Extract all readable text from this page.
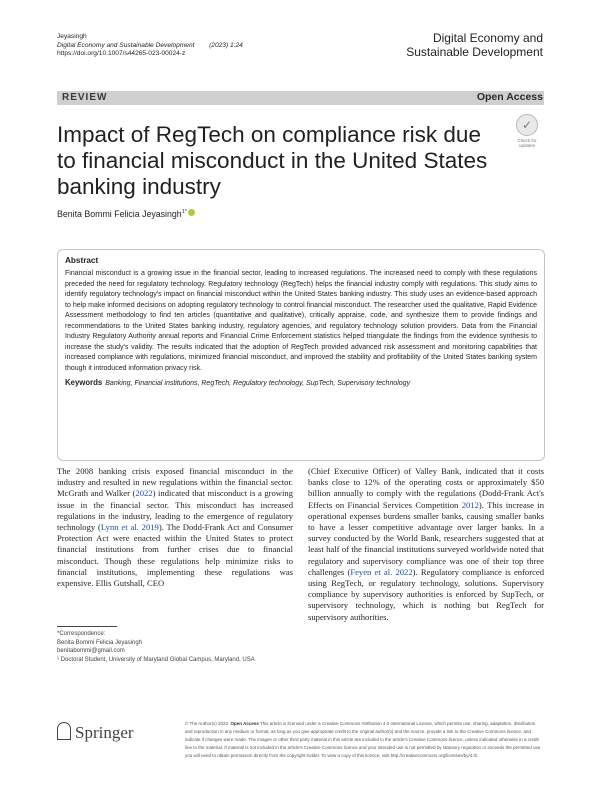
Jeyasingh
Digital Economy and Sustainable Development (2023) 1:24
https://doi.org/10.1007/s44265-023-00024-z
Digital Economy and
Sustainable Development
REVIEW	Open Access
Impact of RegTech on compliance risk due to financial misconduct in the United States banking industry
✓
Check for updates
Benita Bommi Felicia Jeyasingh$^{1*}$
Abstract
Financial misconduct is a growing issue in the financial sector, leading to increased regulations. The increased need to comply with these regulations preceded the need for regulatory technology. Regulatory technology (RegTech) helps the financial industry comply with regulations. This study aims to identify regulatory technology's impact on financial misconduct within the United States banking industry. This study uses an evidence-based approach to help make informed decisions on adopting regulatory technology to control financial misconduct. The researcher used the qualitative, Rapid Evidence Assessment methodology to find ten articles (quantitative and qualitative), critically appraise, code, and synthesize them to provide findings and recommendations to the United States banking industry, regulatory agencies, and regulatory technology solution providers. Data from the Financial Industry Regulatory Authority annual reports and Financial Crime Enforcement statistics helped triangulate the findings from the evidence synthesis to increase the study's validity. The results indicated that the adoption of RegTech provided advanced risk assessment and monitoring capabilities that increased compliance with regulations, minimized financial misconduct, and improved the stability and profitability of the United States banking system though it introduced information privacy risk.
Keywords Banking, Financial institutions, RegTech, Regulatory technology, SupTech, Supervisory technology
The 2008 banking crisis exposed financial misconduct in the industry and resulted in new regulations within the financial sector. McGrath and Walker (2022) indicated that misconduct is a growing issue in the financial sector. This misconduct has increased regulations in the industry, leading to the emergence of regulatory technology (Lynn et al. 2019). The Dodd-Frank Act and Consumer Protection Act were enacted within the United States to protect financial institutions from further crises due to financial misconduct. Though these regulations help minimize risks to financial institutions, implementing these regulations was expensive. Ellis Gutshall, CEO
(Chief Executive Officer) of Valley Bank, indicated that it costs banks close to 12% of the operating costs or approximately $50 billion annually to comply with the regulations (Dodd-Frank Act's Effects on Financial Services Competition 2012). This increase in operational expenses burdens smaller banks, causing smaller banks to have a lesser competitive advantage over larger banks. In a survey conducted by the World Bank, researchers suggested that at least half of the financial institutions surveyed worldwide noted that regulatory and supervisory compliance was one of their top three challenges (Feyen et al. 2022). Regulatory compliance is enforced using RegTech, or regulatory technology, solutions. Supervisory compliance by supervisory authorities is enforced by SupTech, or supervisory technology, which is nothing but RegTech for supervisory authorities.
*Correspondence:
Benita Bommi Felicia Jeyasingh
benitabommi@gmail.com
¹ Doctoral Student, University of Maryland Global Campus, Maryland, USA
Springer	© The Author(s) 2023. Open Access This article is licensed under a Creative Commons Attribution 4.0 International License, which permits use, sharing, adaptation, distribution and reproduction in any medium or format, as long as you give appropriate credit to the original author(s) and the source, provide a link to the Creative Commons licence, and indicate if changes were made. The images or other third party material in this article are included in the article's Creative Commons licence, unless indicated otherwise in a credit line to the material. If material is not included in the article's Creative Commons licence and your intended use is not permitted by statutory regulation or exceeds the permitted use, you will need to obtain permission directly from the copyright holder. To view a copy of this licence, visit http://creativecommons.org/licenses/by/4.0/.
